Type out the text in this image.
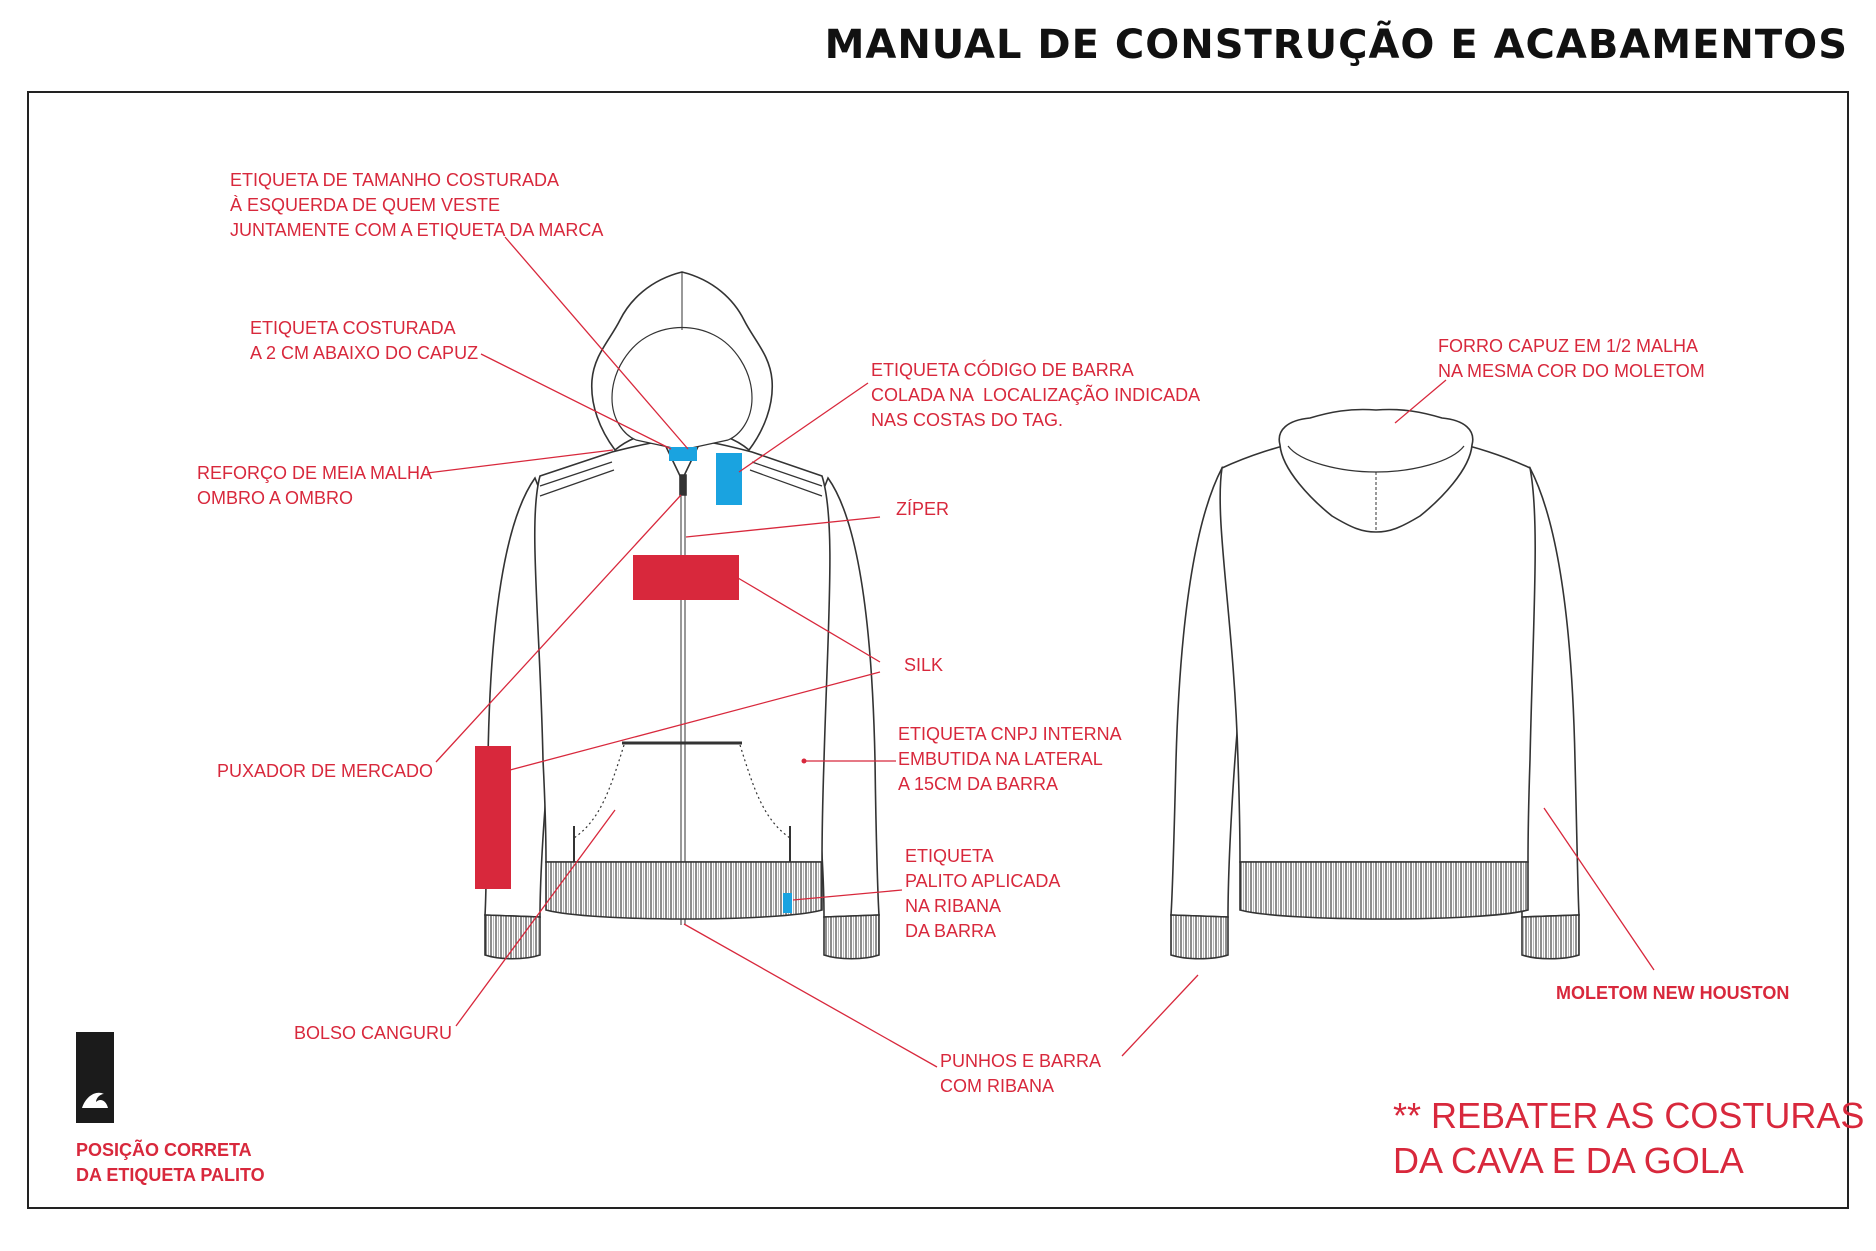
MANUAL DE CONSTRUÇÃO E ACABAMENTOS
ETIQUETA DE TAMANHO COSTURADA
À ESQUERDA DE QUEM VESTE
JUNTAMENTE COM A ETIQUETA DA MARCA
ETIQUETA COSTURADA
A 2 CM ABAIXO DO CAPUZ
REFORÇO DE MEIA MALHA
OMBRO A OMBRO
PUXADOR DE MERCADO
BOLSO CANGURU
ETIQUETA CÓDIGO DE BARRA
COLADA NA  LOCALIZAÇÃO INDICADA
NAS COSTAS DO TAG.
ZÍPER
SILK
ETIQUETA CNPJ INTERNA
EMBUTIDA NA LATERAL
A 15CM DA BARRA
ETIQUETA
PALITO APLICADA
NA RIBANA
DA BARRA
PUNHOS E BARRA
COM RIBANA
FORRO CAPUZ EM 1/2 MALHA
NA MESMA COR DO MOLETOM
MOLETOM NEW HOUSTON
POSIÇÃO CORRETA
DA ETIQUETA PALITO
** REBATER AS COSTURAS
DA CAVA E DA GOLA
